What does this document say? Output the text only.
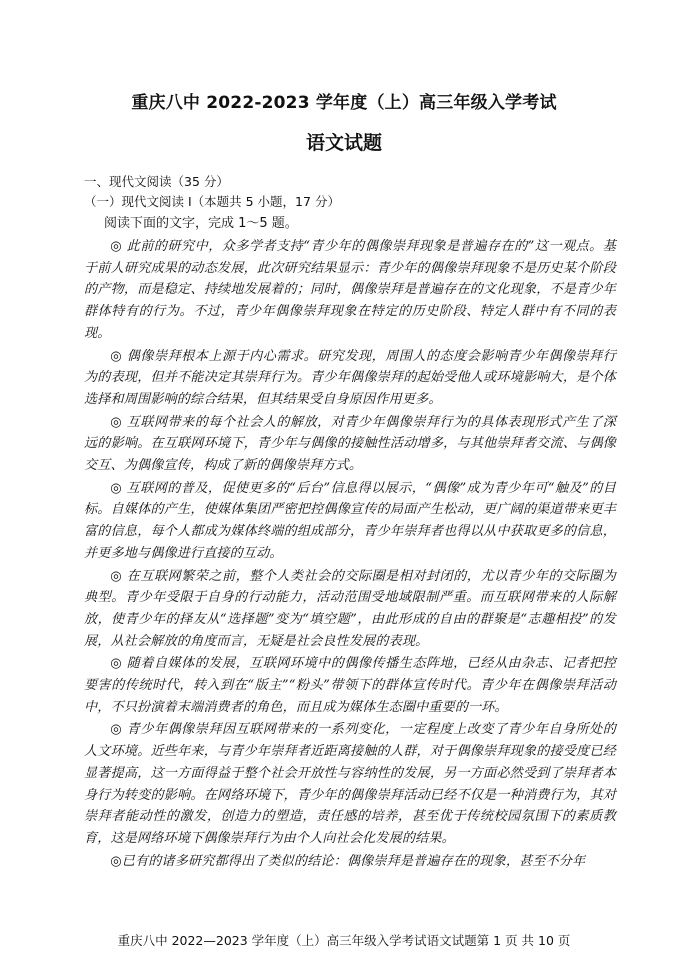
重庆八中 2022-2023 学年度（上）高三年级入学考试
语文试题
一、现代文阅读（35 分）
（一）现代文阅读 I（本题共 5 小题，17 分）
阅读下面的文字，完成 1～5 题。

◎ 此前的研究中，众多学者支持“青少年的偶像崇拜现象是普遍存在的”这一观点。基于前人研究成果的动态发展，此次研究结果显示：青少年的偶像崇拜现象不是历史某个阶段的产物，而是稳定、持续地发展着的；同时，偶像崇拜是普遍存在的文化现象，不是青少年群体特有的行为。不过，青少年偶像崇拜现象在特定的历史阶段、特定人群中有不同的表现。

◎ 偶像崇拜根本上源于内心需求。研究发现，周围人的态度会影响青少年偶像崇拜行为的表现，但并不能决定其崇拜行为。青少年偶像崇拜的起始受他人或环境影响大，是个体选择和周围影响的综合结果，但其结果受自身原因作用更多。

◎ 互联网带来的每个社会人的解放，对青少年偶像崇拜行为的具体表现形式产生了深远的影响。在互联网环境下，青少年与偶像的接触性活动增多，与其他崇拜者交流、与偶像交互、为偶像宣传，构成了新的偶像崇拜方式。

◎ 互联网的普及，促使更多的“后台”信息得以展示，“偶像”成为青少年可“触及”的目标。自媒体的产生，使媒体集团严密把控偶像宣传的局面产生松动，更广阔的渠道带来更丰富的信息，每个人都成为媒体终端的组成部分，青少年崇拜者也得以从中获取更多的信息，并更多地与偶像进行直接的互动。

◎ 在互联网繁荣之前，整个人类社会的交际圈是相对封闭的，尤以青少年的交际圈为典型。青少年受限于自身的行动能力，活动范围受地域限制严重。而互联网带来的人际解放，使青少年的择友从“选择题”变为“填空题”，由此形成的自由的群聚是“志趣相投”的发展，从社会解放的角度而言，无疑是社会良性发展的表现。

◎ 随着自媒体的发展，互联网环境中的偶像传播生态阵地，已经从由杂志、记者把控要害的传统时代，转入到在“版主”“粉头”带领下的群体宣传时代。青少年在偶像崇拜活动中，不只扮演着末端消费者的角色，而且成为媒体生态圈中重要的一环。

◎ 青少年偶像崇拜因互联网带来的一系列变化，一定程度上改变了青少年自身所处的人文环境。近些年来，与青少年崇拜者近距离接触的人群，对于偶像崇拜现象的接受度已经显著提高，这一方面得益于整个社会开放性与容纳性的发展，另一方面必然受到了崇拜者本身行为转变的影响。在网络环境下，青少年的偶像崇拜活动已经不仅是一种消费行为，其对崇拜者能动性的激发，创造力的塑造，责任感的培养，甚至优于传统校园氛围下的素质教育，这是网络环境下偶像崇拜行为由个人向社会化发展的结果。

◎已有的诸多研究都得出了类似的结论：偶像崇拜是普遍存在的现象，甚至不分年

重庆八中 2022—2023 学年度（上）高三年级入学考试语文试题第 1 页 共 10 页
